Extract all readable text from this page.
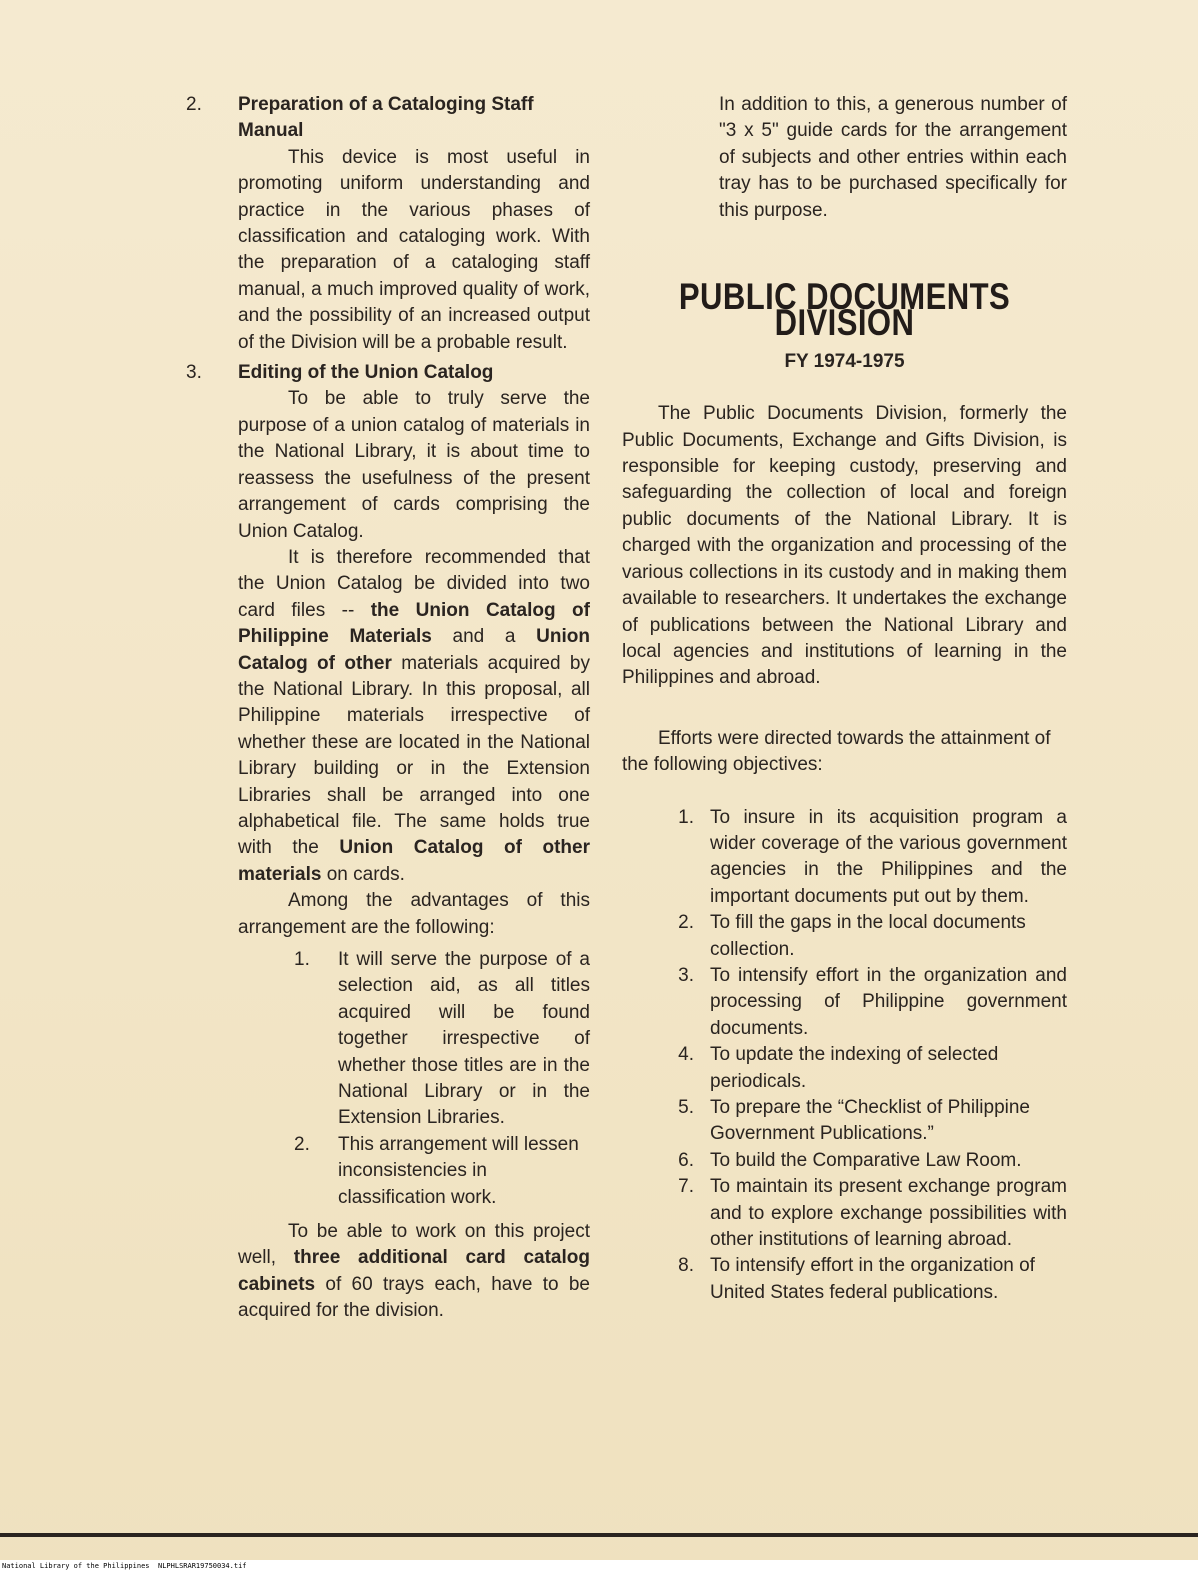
2.	Preparation of a Cataloging Staff
Manual

This device is most useful in promoting uniform understanding and practice in the various phases of classification and cataloging work. With the preparation of a cataloging staff manual, a much improved quality of work, and the possibility of an increased output of the Division will be a probable result.

3.	Editing of the Union Catalog

To be able to truly serve the purpose of a union catalog of materials in the National Library, it is about time to reassess the usefulness of the present arrangement of cards comprising the Union Catalog.

It is therefore recommended that the Union Catalog be divided into two card files -- the Union Catalog of Philippine Materials and a Union Catalog of other materials acquired by the National Library. In this proposal, all Philippine materials irrespective of whether these are located in the National Library building or in the Extension Libraries shall be arranged into one alphabetical file. The same holds true with the Union Catalog of other materials on cards.

Among the advantages of this arrangement are the following:

1.	It will serve the purpose of a selection aid, as all titles acquired will be found together irrespective of whether those titles are in the National Library or in the Extension Libraries.

2.	This arrangement will lessen inconsistencies in classification work.

To be able to work on this project well, three additional card catalog cabinets of 60 trays each, have to be acquired for the division.

In addition to this, a generous number of "3 x 5" guide cards for the arrangement of subjects and other entries within each tray has to be purchased specifically for this purpose.

PUBLIC DOCUMENTS DIVISION
FY 1974-1975

The Public Documents Division, formerly the Public Documents, Exchange and Gifts Division, is responsible for keeping custody, preserving and safeguarding the collection of local and foreign public documents of the National Library. It is charged with the organization and processing of the various collections in its custody and in making them available to researchers. It undertakes the exchange of publications between the National Library and local agencies and institutions of learning in the Philippines and abroad.

Efforts were directed towards the attainment of the following objectives:

1. To insure in its acquisition program a wider coverage of the various government agencies in the Philippines and the important documents put out by them.

2. To fill the gaps in the local documents collection.

3. To intensify effort in the organization and processing of Philippine government documents.

4. To update the indexing of selected periodicals.

5. To prepare the “Checklist of Philippine Government Publications.”

6. To build the Comparative Law Room.

7. To maintain its present exchange program and to explore exchange possibilities with other institutions of learning abroad.

8. To intensify effort in the organization of United States federal publications.

National Library of the Philippines NLPHLSRAR19750034.tif
